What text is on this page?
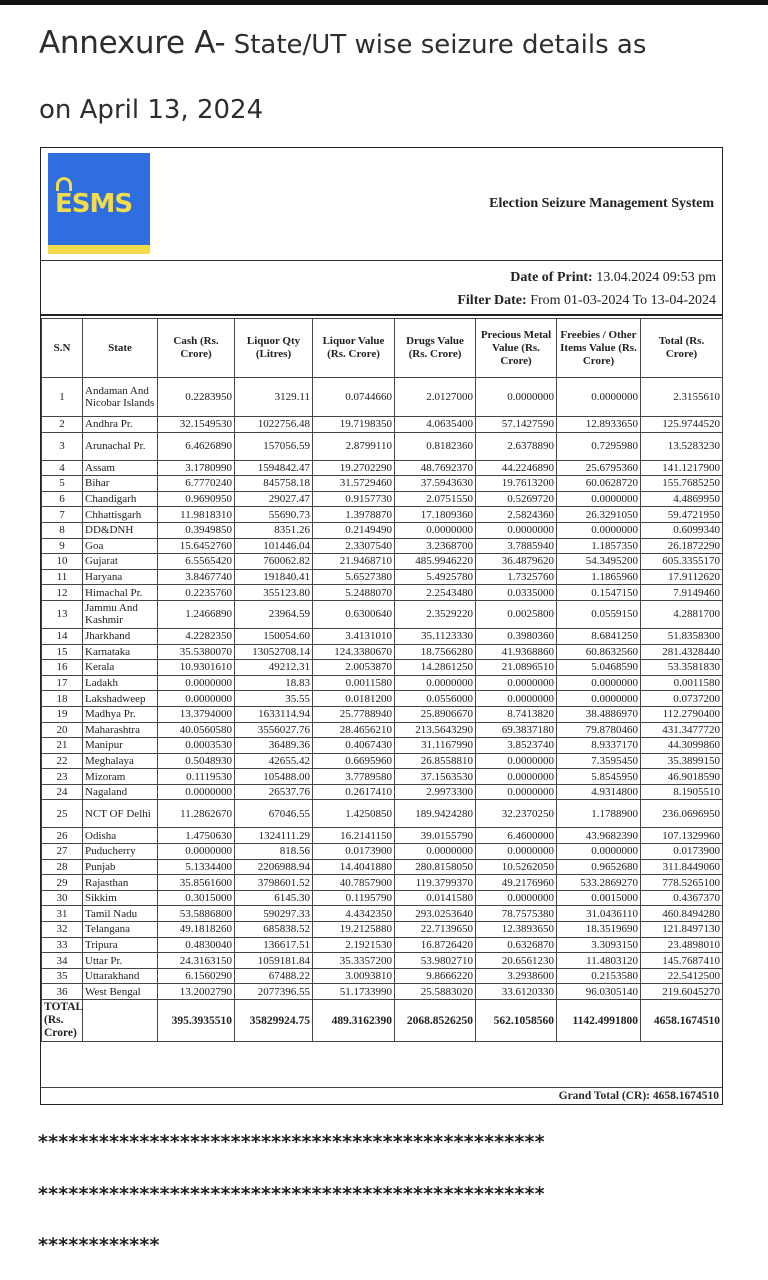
Annexure A- State/UT wise seizure details as
on April 13, 2024
ESMS	Election Seizure Management System
Date of Print: 13.04.2024 09:53 pm
Filter Date: From 01-03-2024 To 13-04-2024
S.N	State	Cash (Rs. Crore)	Liquor Qty (Litres)	Liquor Value (Rs. Crore)	Drugs Value (Rs. Crore)	Precious Metal Value (Rs. Crore)	Freebies / Other Items Value (Rs. Crore)	Total (Rs. Crore)
1	Andaman And Nicobar Islands	0.2283950	3129.11	0.0744660	2.0127000	0.0000000	0.0000000	2.3155610
2	Andhra Pr.	32.1549530	1022756.48	19.7198350	4.0635400	57.1427590	12.8933650	125.9744520
3	Arunachal Pr.	6.4626890	157056.59	2.8799110	0.8182360	2.6378890	0.7295980	13.5283230
4	Assam	3.1780990	1594842.47	19.2702290	48.7692370	44.2246890	25.6795360	141.1217900
5	Bihar	6.7770240	845758.18	31.5729460	37.5943630	19.7613200	60.0628720	155.7685250
6	Chandigarh	0.9690950	29027.47	0.9157730	2.0751550	0.5269720	0.0000000	4.4869950
7	Chhattisgarh	11.9818310	55690.73	1.3978870	17.1809360	2.5824360	26.3291050	59.4721950
8	DD&DNH	0.3949850	8351.26	0.2149490	0.0000000	0.0000000	0.0000000	0.6099340
9	Goa	15.6452760	101446.04	2.3307540	3.2368700	3.7885940	1.1857350	26.1872290
10	Gujarat	6.5565420	760062.82	21.9468710	485.9946220	36.4879620	54.3495200	605.3355170
11	Haryana	3.8467740	191840.41	5.6527380	5.4925780	1.7325760	1.1865960	17.9112620
12	Himachal Pr.	0.2235760	355123.80	5.2488070	2.2543480	0.0335000	0.1547150	7.9149460
13	Jammu And Kashmir	1.2466890	23964.59	0.6300640	2.3529220	0.0025800	0.0559150	4.2881700
14	Jharkhand	4.2282350	150054.60	3.4131010	35.1123330	0.3980360	8.6841250	51.8358300
15	Karnataka	35.5380070	13052708.14	124.3380670	18.7566280	41.9368860	60.8632560	281.4328440
16	Kerala	10.9301610	49212.31	2.0053870	14.2861250	21.0896510	5.0468590	53.3581830
17	Ladakh	0.0000000	18.83	0.0011580	0.0000000	0.0000000	0.0000000	0.0011580
18	Lakshadweep	0.0000000	35.55	0.0181200	0.0556000	0.0000000	0.0000000	0.0737200
19	Madhya Pr.	13.3794000	1633114.94	25.7788940	25.8906670	8.7413820	38.4886970	112.2790400
20	Maharashtra	40.0560580	3556027.76	28.4656210	213.5643290	69.3837180	79.8780460	431.3477720
21	Manipur	0.0003530	36489.36	0.4067430	31.1167990	3.8523740	8.9337170	44.3099860
22	Meghalaya	0.5048930	42655.42	0.6695960	26.8558810	0.0000000	7.3595450	35.3899150
23	Mizoram	0.1119530	105488.00	3.7789580	37.1563530	0.0000000	5.8545950	46.9018590
24	Nagaland	0.0000000	26537.76	0.2617410	2.9973300	0.0000000	4.9314800	8.1905510
25	NCT OF Delhi	11.2862670	67046.55	1.4250850	189.9424280	32.2370250	1.1788900	236.0696950
26	Odisha	1.4750630	1324111.29	16.2141150	39.0155790	6.4600000	43.9682390	107.1329960
27	Puducherry	0.0000000	818.56	0.0173900	0.0000000	0.0000000	0.0000000	0.0173900
28	Punjab	5.1334400	2206988.94	14.4041880	280.8158050	10.5262050	0.9652680	311.8449060
29	Rajasthan	35.8561600	3798601.52	40.7857900	119.3799370	49.2176960	533.2869270	778.5265100
30	Sikkim	0.3015000	6145.30	0.1195790	0.0141580	0.0000000	0.0015000	0.4367370
31	Tamil Nadu	53.5886800	590297.33	4.4342350	293.0253640	78.7575380	31.0436110	460.8494280
32	Telangana	49.1818260	685838.52	19.2125880	22.7139650	12.3893650	18.3519690	121.8497130
33	Tripura	0.4830040	136617.51	2.1921530	16.8726420	0.6326870	3.3093150	23.4898010
34	Uttar Pr.	24.3163150	1059181.84	35.3357200	53.9802710	20.6561230	11.4803120	145.7687410
35	Uttarakhand	6.1560290	67488.22	3.0093810	9.8666220	3.2938600	0.2153580	22.5412500
36	West Bengal	13.2002790	2077396.55	51.1733990	25.5883020	33.6120330	96.0305140	219.6045270
TOTAL (Rs. Crore)		395.3935510	35829924.75	489.3162390	2068.8526250	562.1058560	1142.4991800	4658.1674510
Grand Total (CR): 4658.1674510
**************************************************
**************************************************
************
